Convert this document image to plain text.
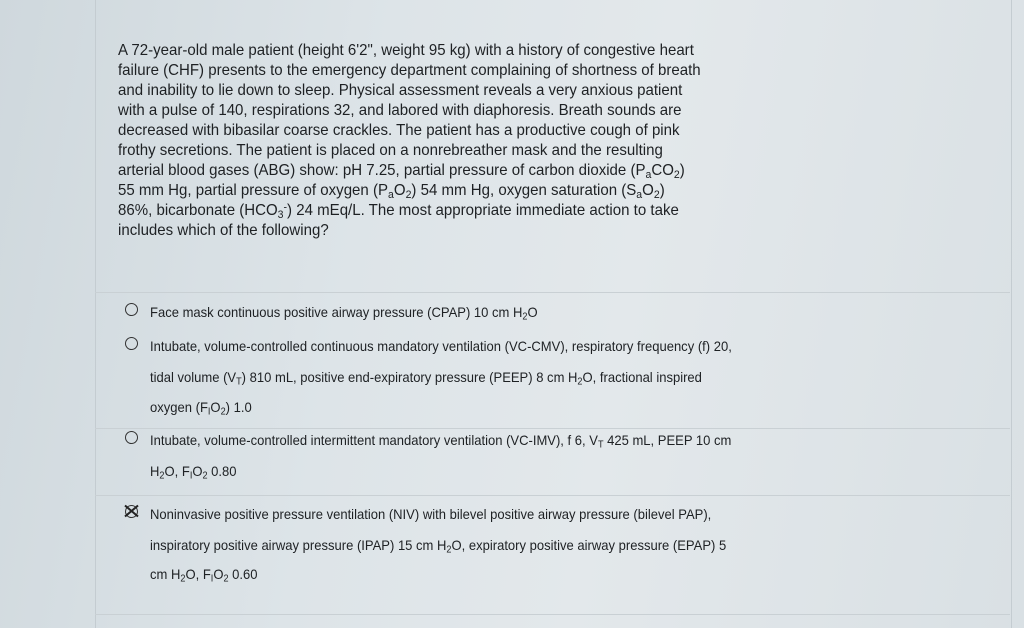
A 72-year-old male patient (height 6'2", weight 95 kg) with a history of congestive heart
failure (CHF) presents to the emergency department complaining of shortness of breath
and inability to lie down to sleep. Physical assessment reveals a very anxious patient
with a pulse of 140, respirations 32, and labored with diaphoresis. Breath sounds are
decreased with bibasilar coarse crackles. The patient has a productive cough of pink
frothy secretions. The patient is placed on a nonrebreather mask and the resulting
arterial blood gases (ABG) show: pH 7.25, partial pressure of carbon dioxide $(P_aCO_2)$
55 mm Hg, partial pressure of oxygen $(P_aO_2)$ 54 mm Hg, oxygen saturation $(S_aO_2)$
86%, bicarbonate $(HCO_3^-)$ 24 mEq/L. The most appropriate immediate action to take
includes which of the following?
Face mask continuous positive airway pressure (CPAP) 10 cm $H_2O$
Intubate, volume-controlled continuous mandatory ventilation (VC-CMV), respiratory frequency (f) 20,
tidal volume $(V_T)$ 810 mL, positive end-expiratory pressure (PEEP) 8 cm $H_2O$, fractional inspired
oxygen $(F_IO_2)$ 1.0
Intubate, volume-controlled intermittent mandatory ventilation (VC-IMV), f 6, $V_T$ 425 mL, PEEP 10 cm
$H_2O$, $F_IO_2$ 0.80
Noninvasive positive pressure ventilation (NIV) with bilevel positive airway pressure (bilevel PAP),
inspiratory positive airway pressure (IPAP) 15 cm $H_2O$, expiratory positive airway pressure (EPAP) 5
cm $H_2O$, $F_IO_2$ 0.60
